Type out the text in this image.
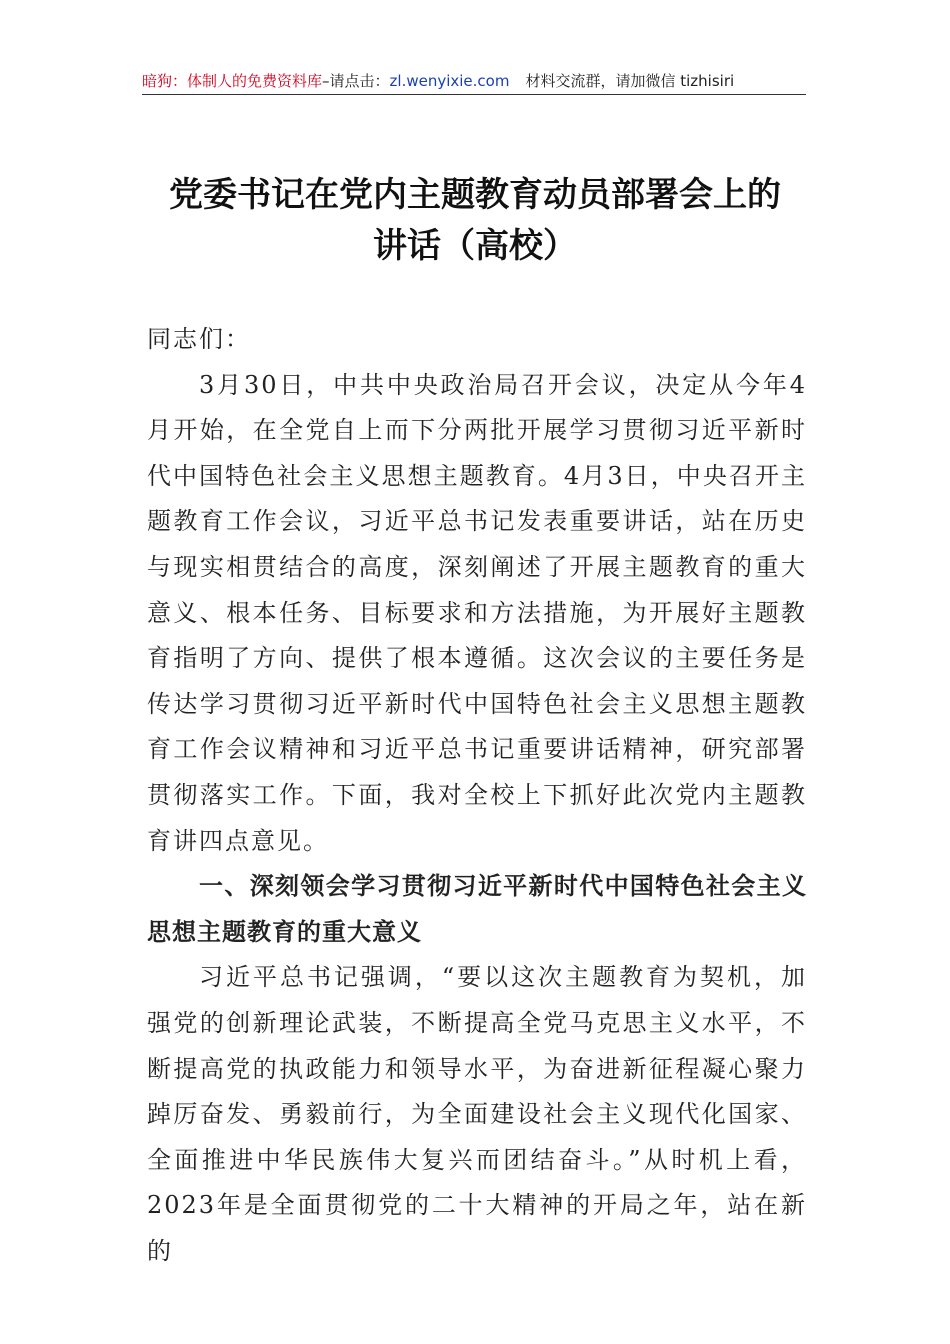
暗狗：体制人的免费资料库–请点击：zl.wenyixie.com 材料交流群，请加微信 tizhisiri
党委书记在党内主题教育动员部署会上的
讲话（高校）

同志们：

3月30日，中共中央政治局召开会议，决定从今年4月开始，在全党自上而下分两批开展学习贯彻习近平新时代中国特色社会主义思想主题教育。4月3日，中央召开主题教育工作会议，习近平总书记发表重要讲话，站在历史与现实相贯结合的高度，深刻阐述了开展主题教育的重大意义、根本任务、目标要求和方法措施，为开展好主题教育指明了方向、提供了根本遵循。这次会议的主要任务是传达学习贯彻习近平新时代中国特色社会主义思想主题教育工作会议精神和习近平总书记重要讲话精神，研究部署贯彻落实工作。下面，我对全校上下抓好此次党内主题教育讲四点意见。

一、深刻领会学习贯彻习近平新时代中国特色社会主义思想主题教育的重大意义

习近平总书记强调，“要以这次主题教育为契机，加强党的创新理论武装，不断提高全党马克思主义水平，不断提高党的执政能力和领导水平，为奋进新征程凝心聚力踔厉奋发、勇毅前行，为全面建设社会主义现代化国家、全面推进中华民族伟大复兴而团结奋斗。”从时机上看，2023年是全面贯彻党的二十大精神的开局之年，站在新的
